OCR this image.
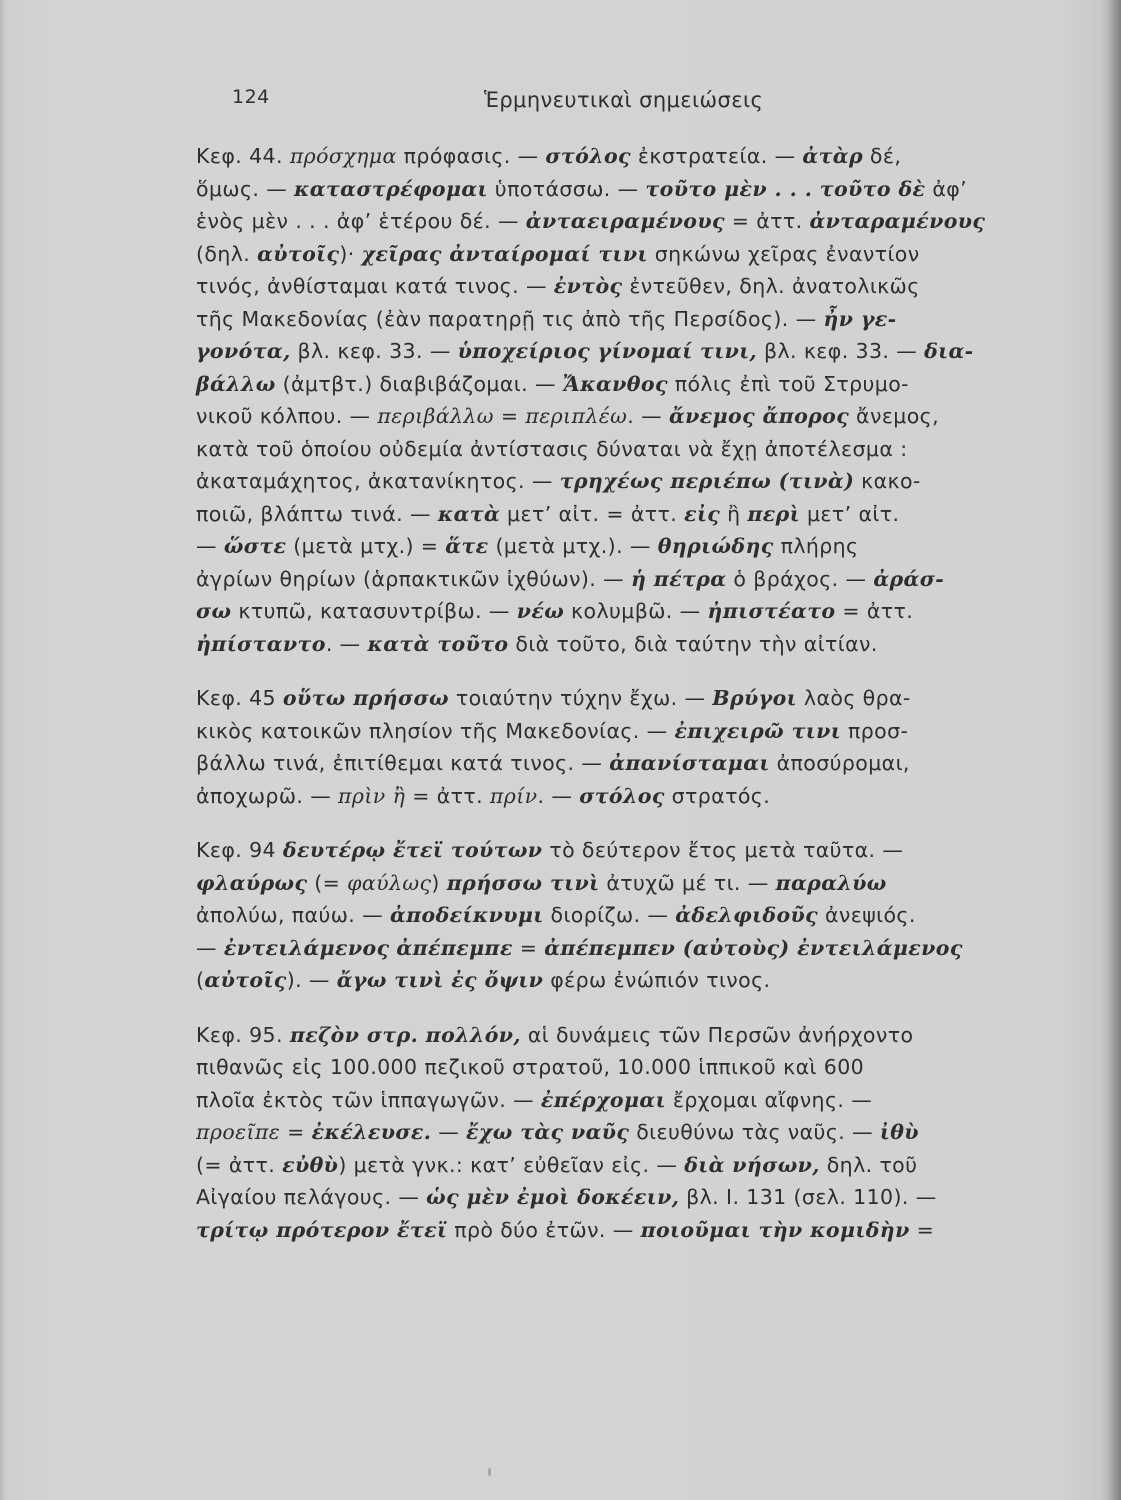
124	Ἑρμηνευτικαὶ σημειώσεις
Κεφ. 44. πρόσχημα πρόφασις. — στόλος ἐκστρατεία. — ἀτὰρ δέ,
ὅμως. — καταστρέφομαι ὑποτάσσω. — τοῦτο μὲν . . . τοῦτο δὲ ἀφ’
ἑνὸς μὲν . . . ἀφ’ ἑτέρου δέ. — ἀνταειραμένους = ἀττ. ἀνταραμένους
(δηλ. αὐτοῖς)· χεῖρας ἀνταίρομαί τινι σηκώνω χεῖρας ἐναντίον
τινός, ἀνθίσταμαι κατά τινος. — ἐντὸς ἐντεῦθεν, δηλ. ἀνατολικῶς
τῆς Μακεδονίας (ἐὰν παρατηρῇ τις ἀπὸ τῆς Περσίδος). — ἦν γε-
γονότα, βλ. κεφ. 33. — ὑποχείριος γίνομαί τινι, βλ. κεφ. 33. — δια-
βάλλω (ἀμτβτ.) διαβιβάζομαι. — Ἄκανθος πόλις ἐπὶ τοῦ Στρυμο-
νικοῦ κόλπου. — περιβάλλω = περιπλέω. — ἄνεμος ἄπορος ἄνεμος,
κατὰ τοῦ ὁποίου οὐδεμία ἀντίστασις δύναται νὰ ἔχῃ ἀποτέλεσμα :
ἀκαταμάχητος, ἀκατανίκητος. — τρηχέως περιέπω (τινὰ) κακο-
ποιῶ, βλάπτω τινά. — κατὰ μετ’ αἰτ. = ἀττ. εἰς ἢ περὶ μετ’ αἰτ.
— ὥστε (μετὰ μτχ.) = ἅτε (μετὰ μτχ.). — θηριώδης πλήρης
ἀγρίων θηρίων (ἁρπακτικῶν ἰχθύων). — ἡ πέτρα ὁ βράχος. — ἀράσ-
σω κτυπῶ, κατασυντρίβω. — νέω κολυμβῶ. — ἠπιστέατο = ἀττ.
ἠπίσταντο. — κατὰ τοῦτο διὰ τοῦτο, διὰ ταύτην τὴν αἰτίαν.
Κεφ. 45 οὕτω πρήσσω τοιαύτην τύχην ἔχω. — Βρύγοι λαὸς θρα-
κικὸς κατοικῶν πλησίον τῆς Μακεδονίας. — ἐπιχειρῶ τινι προσ-
βάλλω τινά, ἐπιτίθεμαι κατά τινος. — ἀπανίσταμαι ἀποσύρομαι,
ἀποχωρῶ. — πρὶν ἢ = ἀττ. πρίν. — στόλος στρατός.
Κεφ. 94 δευτέρῳ ἔτεϊ τούτων τὸ δεύτερον ἔτος μετὰ ταῦτα. —
φλαύρως (= φαύλως) πρήσσω τινὶ ἀτυχῶ μέ τι. — παραλύω
ἀπολύω, παύω. — ἀποδείκνυμι διορίζω. — ἀδελφιδοῦς ἀνεψιός.
— ἐντειλάμενος ἀπέπεμπε = ἀπέπεμπεν (αὐτοὺς) ἐντειλάμενος
(αὐτοῖς). — ἄγω τινὶ ἐς ὄψιν φέρω ἐνώπιόν τινος.
Κεφ. 95. πεζὸν στρ. πολλόν, αἱ δυνάμεις τῶν Περσῶν ἀνήρχοντο
πιθανῶς εἰς 100.000 πεζικοῦ στρατοῦ, 10.000 ἱππικοῦ καὶ 600
πλοῖα ἐκτὸς τῶν ἱππαγωγῶν. — ἐπέρχομαι ἔρχομαι αἴφνης. —
προεῖπε = ἐκέλευσε. — ἔχω τὰς ναῦς διευθύνω τὰς ναῦς. — ἰθὺ
(= ἀττ. εὐθὺ) μετὰ γνκ.: κατ’ εὐθεῖαν εἰς. — διὰ νήσων, δηλ. τοῦ
Αἰγαίου πελάγους. — ὡς μὲν ἐμοὶ δοκέειν, βλ. Ι. 131 (σελ. 110). —
τρίτῳ πρότερον ἔτεϊ πρὸ δύο ἐτῶν. — ποιοῦμαι τὴν κομιδὴν =
